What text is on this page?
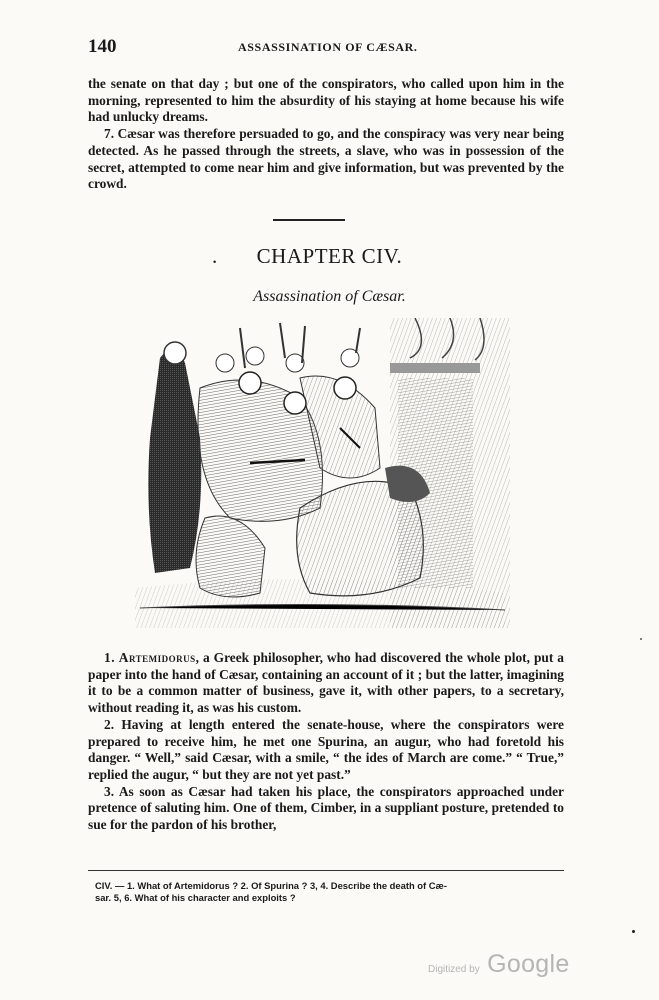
140	ASSASSINATION OF CÆSAR.

the senate on that day ; but one of the conspirators, who called upon him in the morning, represented to him the absurdity of his staying at home because his wife had unlucky dreams.

7. Cæsar was therefore persuaded to go, and the conspiracy was very near being detected. As he passed through the streets, a slave, who was in possession of the secret, attempted to come near him and give information, but was prevented by the crowd.

. CHAPTER CIV.
Assassination of Cæsar.

1. Artemidorus, a Greek philosopher, who had discovered the whole plot, put a paper into the hand of Cæsar, containing an account of it ; but the latter, imagining it to be a common matter of business, gave it, with other papers, to a secretary, without reading it, as was his custom.

2. Having at length entered the senate-house, where the conspirators were prepared to receive him, he met one Spurina, an augur, who had foretold his danger. “ Well,” said Cæsar, with a smile, “ the ides of March are come.” “ True,” replied the augur, “ but they are not yet past.”

3. As soon as Cæsar had taken his place, the conspirators approached under pretence of saluting him. One of them, Cimber, in a suppliant posture, pretended to sue for the pardon of his brother,

CIV. — 1. What of Artemidorus ? 2. Of Spurina ? 3, 4. Describe the death of Cæ-
sar. 5, 6. What of his character and exploits ?
Digitized by Google
